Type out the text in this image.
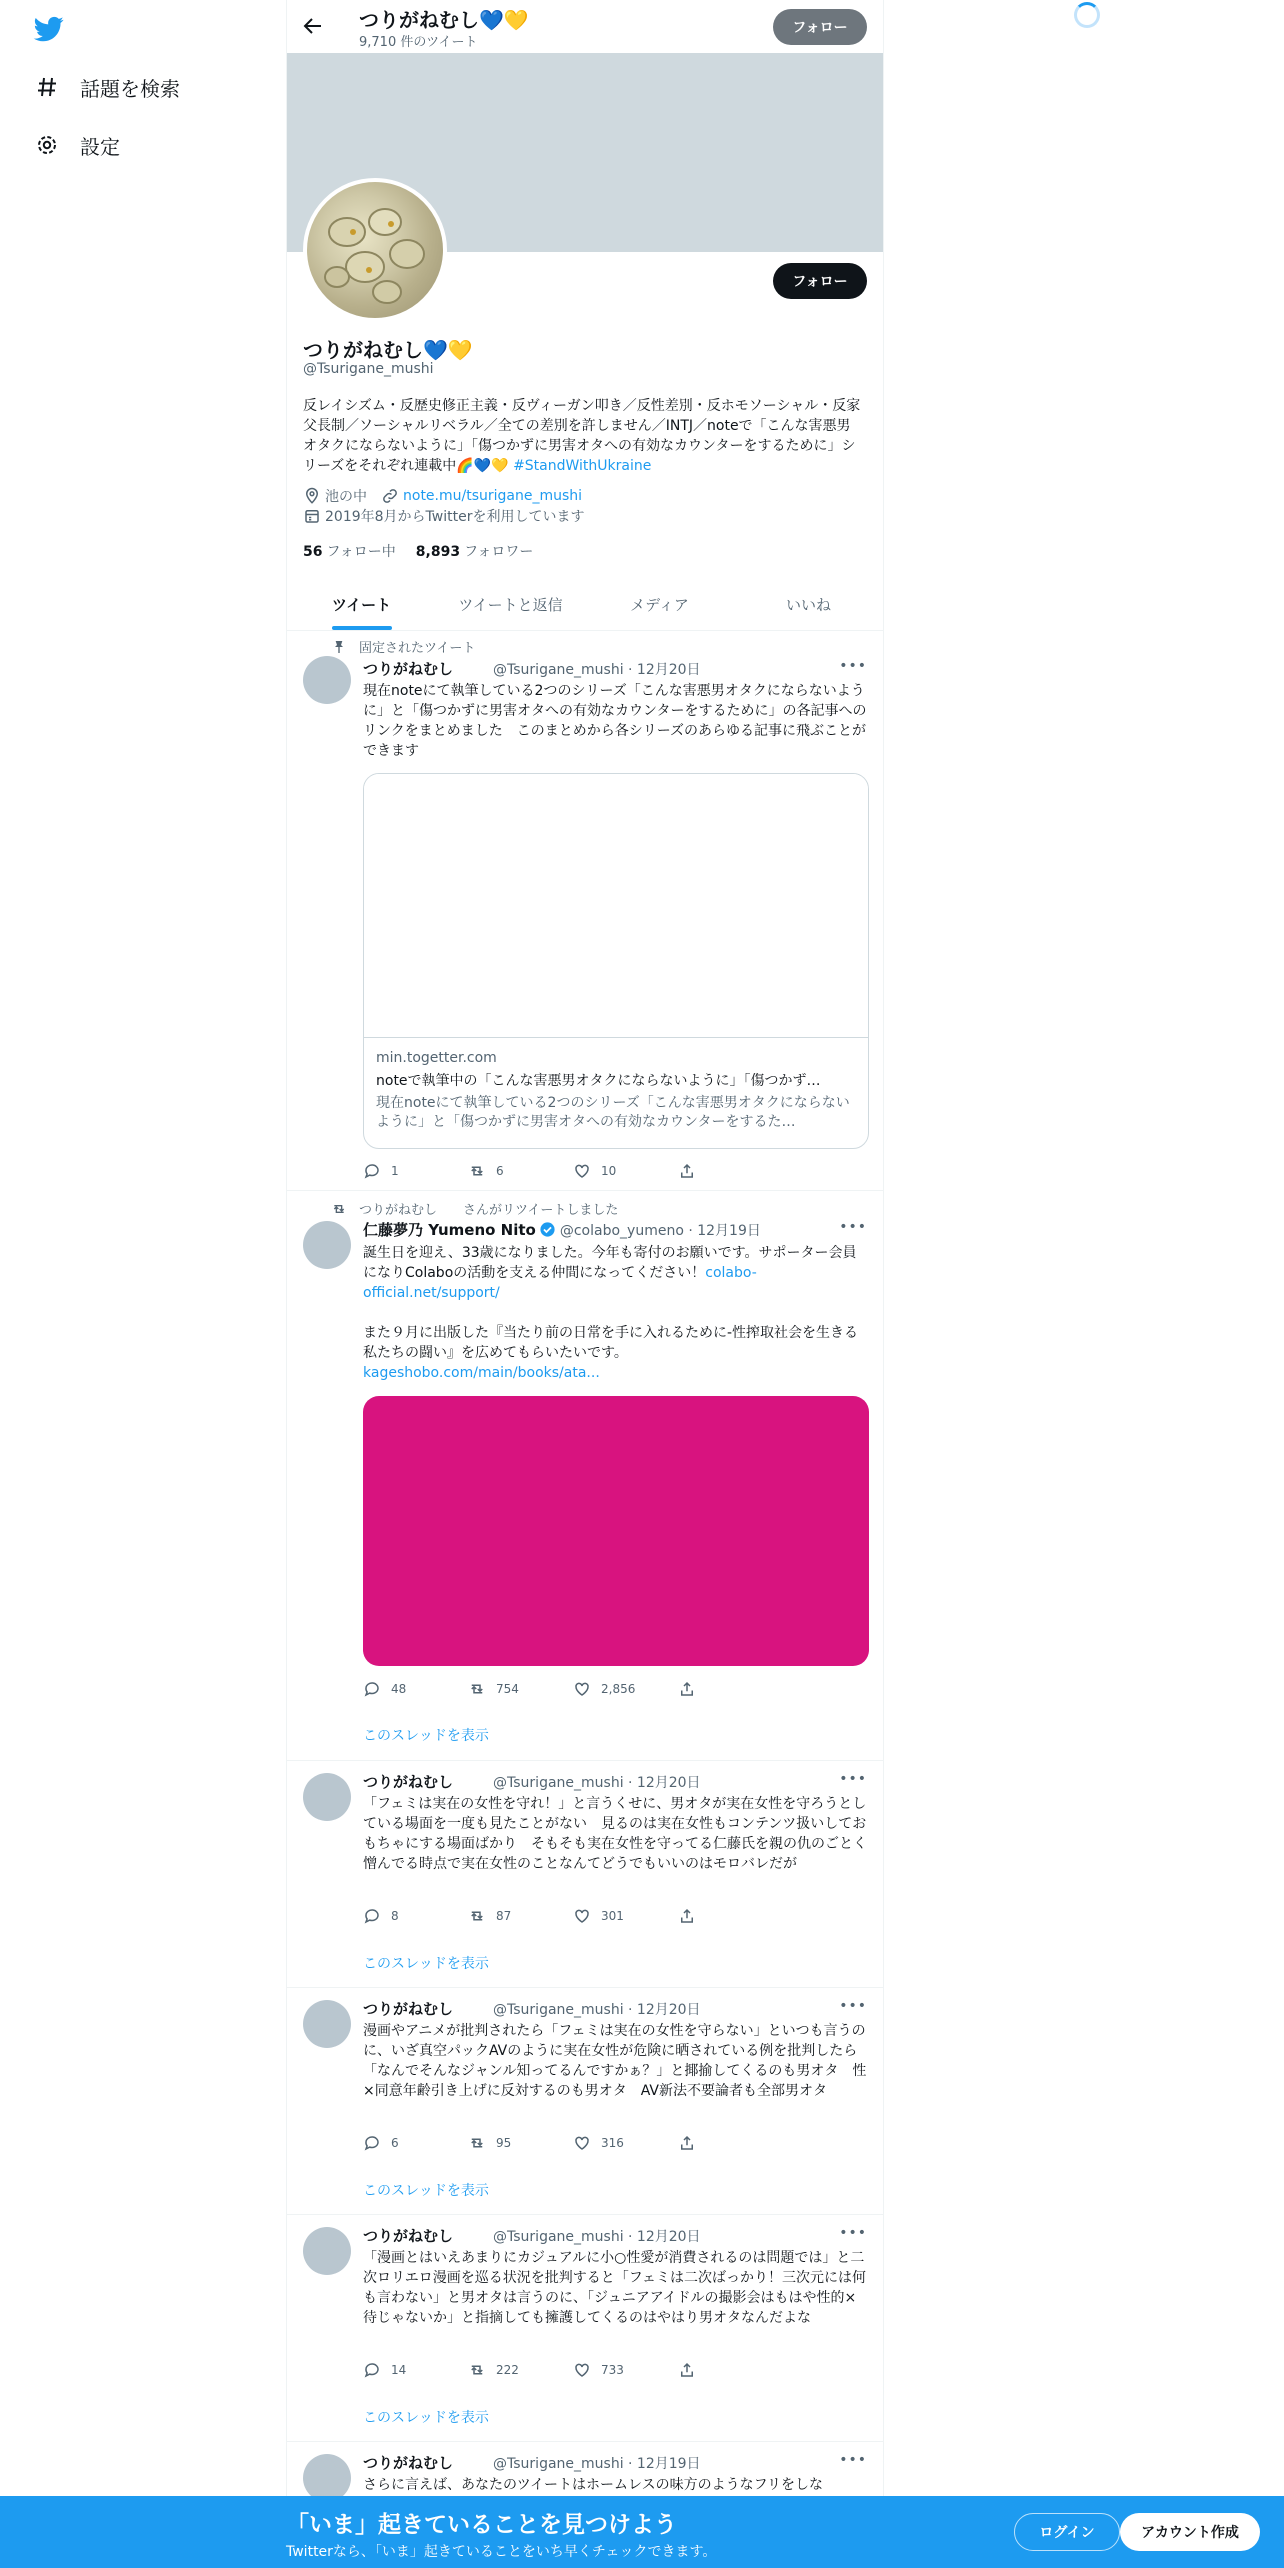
話題を検索
設定
つりがねむし💙💛
9,710 件のツイート
フォロー
フォロー
つりがねむし💙💛
@Tsurigane_mushi
反レイシズム・反歴史修正主義・反ヴィーガン叩き／反性差別・反ホモソーシャル・反家父長制／ソーシャルリベラル／全ての差別を許しません／INTJ／noteで「こんな害悪男オタクにならないように」「傷つかずに男害オタへの有効なカウンターをするために」シリーズをそれぞれ連載中🌈💙💛 #StandWithUkraine
池の中	note.mu/tsurigane_mushi
2019年8月からTwitterを利用しています
56 フォロー中 8,893 フォロワー
ツイート	ツイートと返信	メディア	いいね
固定されたツイート
つりがねむし	@Tsurigane_mushi · 12月20日	•••
現在noteにて執筆している2つのシリーズ「こんな害悪男オタクにならないように」と「傷つかずに男害オタへの有効なカウンターをするために」の各記事へのリンクをまとめました　このまとめから各シリーズのあらゆる記事に飛ぶことができます
min.togetter.com
noteで執筆中の「こんな害悪男オタクにならないように」「傷つかず…
現在noteにて執筆している2つのシリーズ「こんな害悪男オタクにならないように」と「傷つかずに男害オタへの有効なカウンターをするた…
1	6	10
つりがねむし　　さんがリツイートしました
仁藤夢乃 Yumeno Nito @colabo_yumeno · 12月19日	•••
誕生日を迎え、33歳になりました。今年も寄付のお願いです。サポーター会員になりColaboの活動を支える仲間になってください！colabo-official.net/support/

また９月に出版した『当たり前の日常を手に入れるために-性搾取社会を生きる私たちの闘い』を広めてもらいたいです。
kageshobo.com/main/books/ata...
48	754	2,856
このスレッドを表示
つりがねむし	@Tsurigane_mushi · 12月20日	•••
「フェミは実在の女性を守れ！」と言うくせに、男オタが実在女性を守ろうとしている場面を一度も見たことがない　見るのは実在女性もコンテンツ扱いしておもちゃにする場面ばかり　そもそも実在女性を守ってる仁藤氏を親の仇のごとく憎んでる時点で実在女性のことなんてどうでもいいのはモロバレだが
8	87	301
このスレッドを表示
つりがねむし	@Tsurigane_mushi · 12月20日	•••
漫画やアニメが批判されたら「フェミは実在の女性を守らない」といつも言うのに、いざ真空パックAVのように実在女性が危険に晒されている例を批判したら「なんでそんなジャンル知ってるんですかぁ？」と揶揄してくるのも男オタ　性×同意年齢引き上げに反対するのも男オタ　AV新法不要論者も全部男オタ
6	95	316
このスレッドを表示
つりがねむし	@Tsurigane_mushi · 12月20日	•••
「漫画とはいえあまりにカジュアルに小○性愛が消費されるのは問題では」と二次ロリエロ漫画を巡る状況を批判すると「フェミは二次ばっかり！三次元には何も言わない」と男オタは言うのに、「ジュニアアイドルの撮影会はもはや性的×待じゃないか」と指摘しても擁護してくるのはやはり男オタなんだよな
14	222	733
このスレッドを表示
つりがねむし	@Tsurigane_mushi · 12月19日	•••
さらに言えば、あなたのツイートはホームレスの味方のようなフリをしな
「いま」起きていることを見つけよう
Twitterなら、「いま」起きていることをいち早くチェックできます。
ログイン	アカウント作成
